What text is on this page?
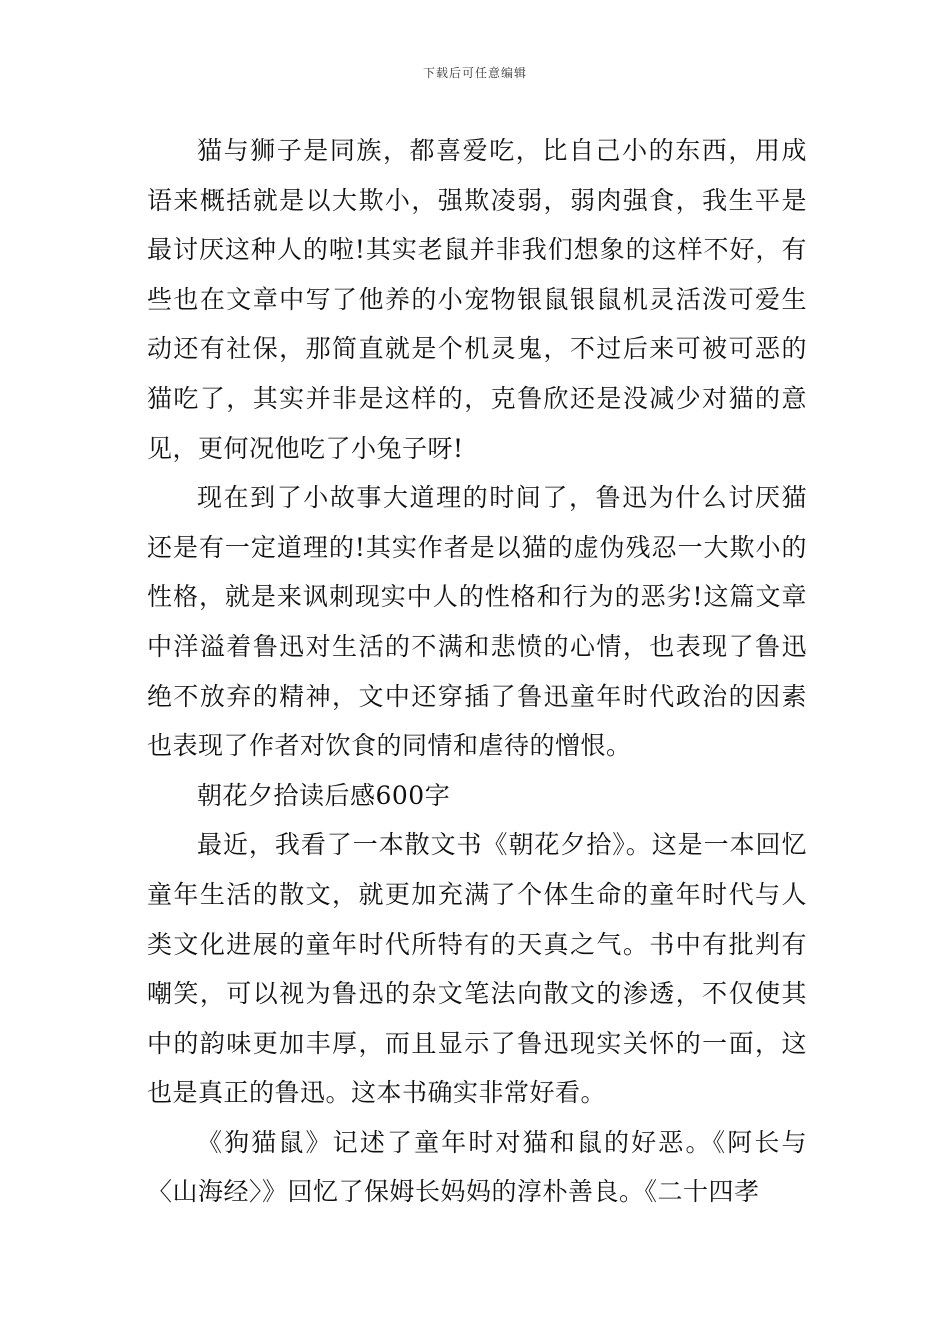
下载后可任意编辑

猫与狮子是同族，都喜爱吃，比自己小的东西，用成语来概括就是以大欺小，强欺凌弱，弱肉强食，我生平是最讨厌这种人的啦!其实老鼠并非我们想象的这样不好，有些也在文章中写了他养的小宠物银鼠银鼠机灵活泼可爱生动还有社保，那简直就是个机灵鬼，不过后来可被可恶的猫吃了，其实并非是这样的，克鲁欣还是没减少对猫的意见，更何况他吃了小兔子呀!

现在到了小故事大道理的时间了，鲁迅为什么讨厌猫还是有一定道理的!其实作者是以猫的虚伪残忍一大欺小的性格，就是来讽刺现实中人的性格和行为的恶劣!这篇文章中洋溢着鲁迅对生活的不满和悲愤的心情，也表现了鲁迅绝不放弃的精神，文中还穿插了鲁迅童年时代政治的因素也表现了作者对饮食的同情和虐待的憎恨。

朝花夕拾读后感600字

最近，我看了一本散文书《朝花夕拾》。这是一本回忆童年生活的散文，就更加充满了个体生命的童年时代与人类文化进展的童年时代所特有的天真之气。书中有批判有嘲笑，可以视为鲁迅的杂文笔法向散文的渗透，不仅使其中的韵味更加丰厚，而且显示了鲁迅现实关怀的一面，这也是真正的鲁迅。这本书确实非常好看。

《狗猫鼠》记述了童年时对猫和鼠的好恶。《阿长与〈山海经〉》回忆了保姆长妈妈的淳朴善良。《二十四孝
